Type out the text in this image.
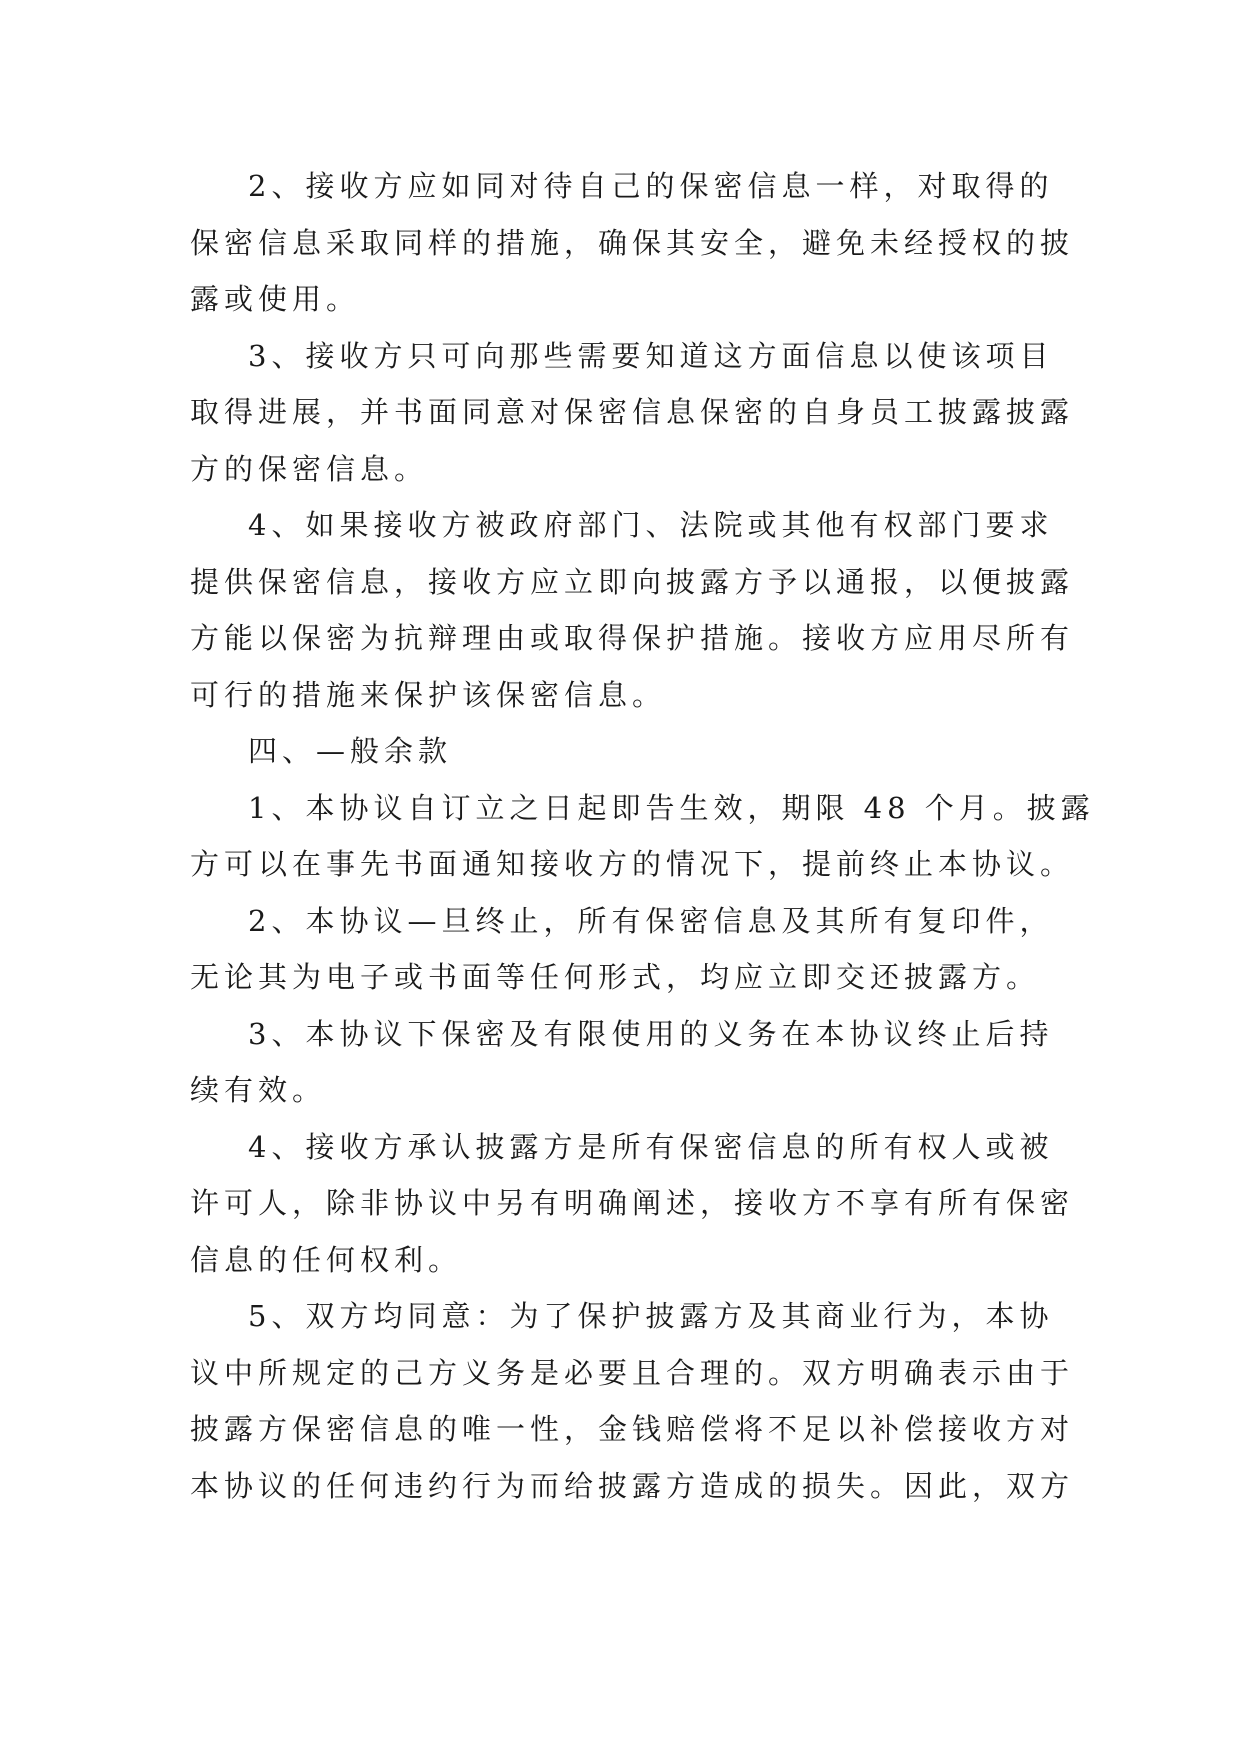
2、接收方应如同对待自己的保密信息一样，对取得的
保密信息采取同样的措施，确保其安全，避免未经授权的披
露或使用。
3、接收方只可向那些需要知道这方面信息以使该项目
取得进展，并书面同意对保密信息保密的自身员工披露披露
方的保密信息。
4、如果接收方被政府部门、法院或其他有权部门要求
提供保密信息，接收方应立即向披露方予以通报，以便披露
方能以保密为抗辩理由或取得保护措施。接收方应用尽所有
可行的措施来保护该保密信息。
四、—般余款
1、本协议自订立之日起即告生效，期限 48 个月。披露
方可以在事先书面通知接收方的情况下，提前终止本协议。
2、本协议—旦终止，所有保密信息及其所有复印件，
无论其为电子或书面等任何形式，均应立即交还披露方。
3、本协议下保密及有限使用的义务在本协议终止后持
续有效。
4、接收方承认披露方是所有保密信息的所有权人或被
许可人，除非协议中另有明确阐述，接收方不享有所有保密
信息的任何权利。
5、双方均同意：为了保护披露方及其商业行为，本协
议中所规定的己方义务是必要且合理的。双方明确表示由于
披露方保密信息的唯一性，金钱赔偿将不足以补偿接收方对
本协议的任何违约行为而给披露方造成的损失。因此，双方
